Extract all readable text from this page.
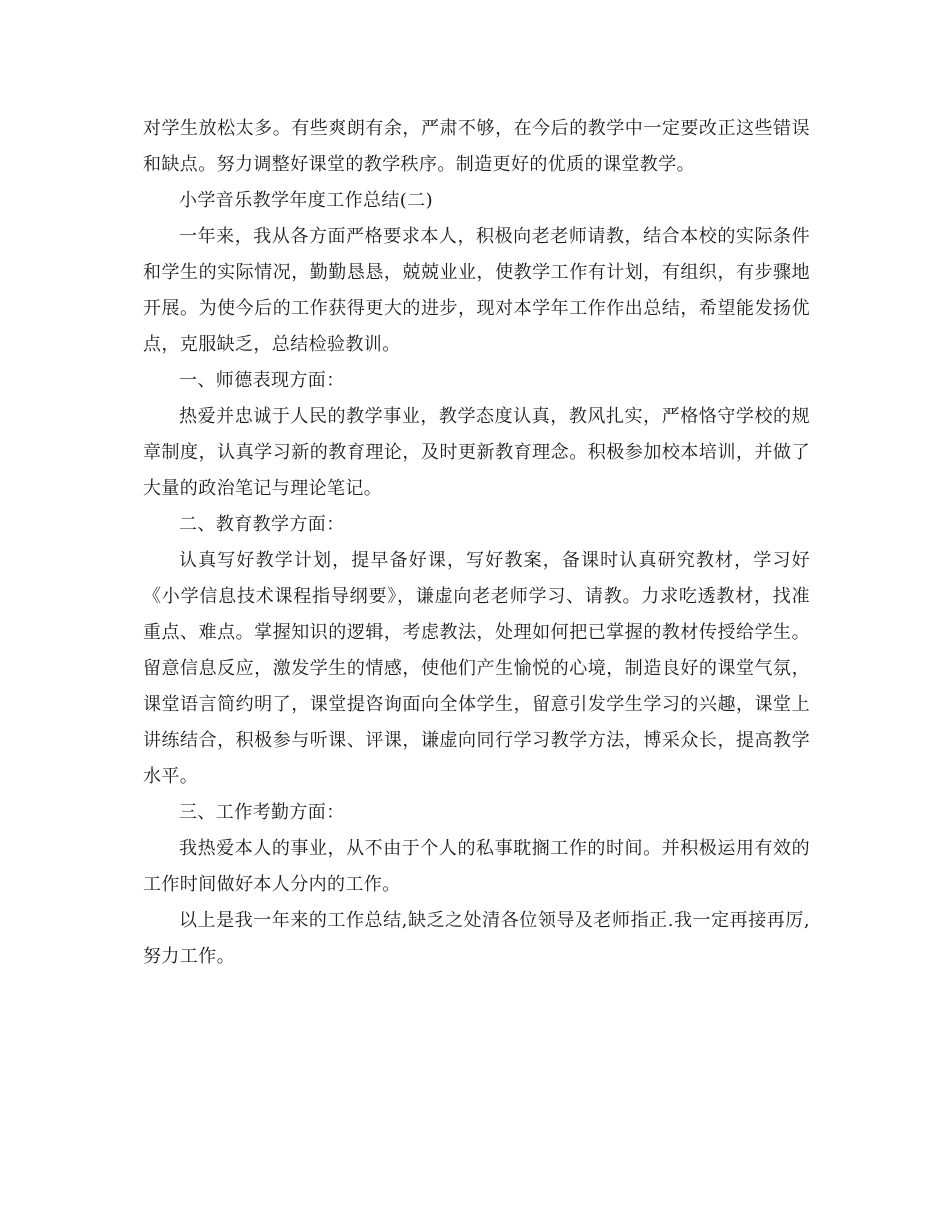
对学生放松太多。有些爽朗有余，严肃不够，在今后的教学中一定要改正这些错误和缺点。努力调整好课堂的教学秩序。制造更好的优质的课堂教学。

小学音乐教学年度工作总结(二)

一年来，我从各方面严格要求本人，积极向老老师请教，结合本校的实际条件和学生的实际情况，勤勤恳恳，兢兢业业，使教学工作有计划，有组织，有步骤地开展。为使今后的工作获得更大的进步，现对本学年工作作出总结，希望能发扬优点，克服缺乏，总结检验教训。

一、师德表现方面：

热爱并忠诚于人民的教学事业，教学态度认真，教风扎实，严格恪守学校的规章制度，认真学习新的教育理论，及时更新教育理念。积极参加校本培训，并做了大量的政治笔记与理论笔记。

二、教育教学方面：

认真写好教学计划，提早备好课，写好教案，备课时认真研究教材，学习好《小学信息技术课程指导纲要》，谦虚向老老师学习、请教。力求吃透教材，找准重点、难点。掌握知识的逻辑，考虑教法，处理如何把已掌握的教材传授给学生。留意信息反应，激发学生的情感，使他们产生愉悦的心境，制造良好的课堂气氛，课堂语言简约明了，课堂提咨询面向全体学生，留意引发学生学习的兴趣，课堂上讲练结合，积极参与听课、评课，谦虚向同行学习教学方法，博采众长，提高教学水平。

三、工作考勤方面：

我热爱本人的事业，从不由于个人的私事耽搁工作的时间。并积极运用有效的工作时间做好本人分内的工作。

以上是我一年来的工作总结,缺乏之处清各位领导及老师指正.我一定再接再厉,努力工作。
